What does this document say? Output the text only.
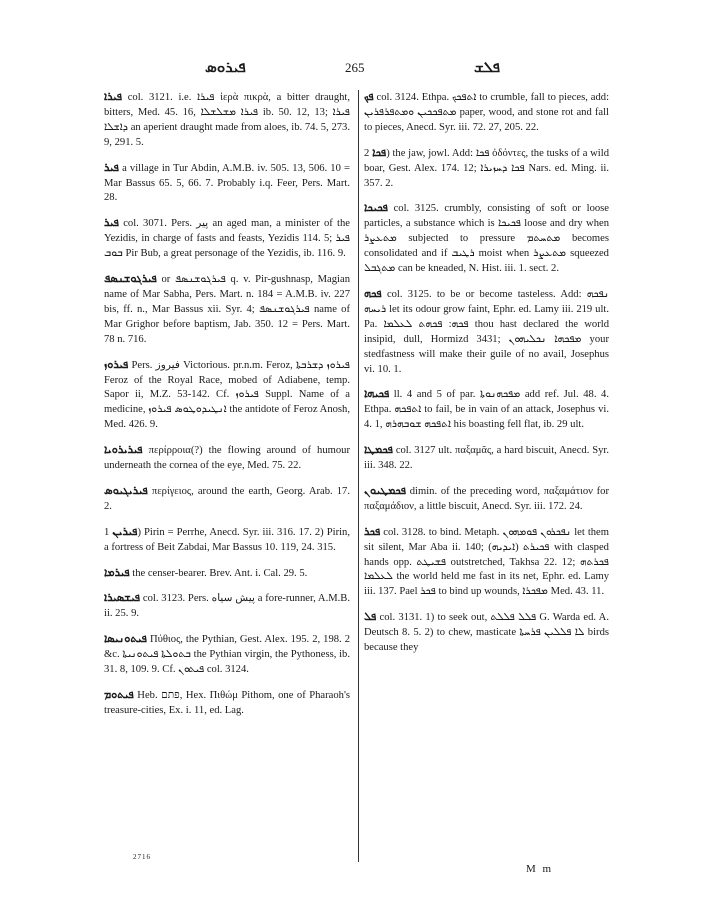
ܦܝܪܘܣ	265	ܦܠܫ

ܦܝܪܐ col. 3121. i.e. ܦܝܪܐ ἱερὰ πικρὰ, a bitter draught, bitters, Med. 45. 16, ܦܝܪܐ ܡܫܠܫܠܐ ib. 50. 12, 13; ܦܝܪܐ ܕܐܫܠܐ an aperient draught made from aloes, ib. 74. 5, 273. 9, 291. 5.

ܦܝܪ a village in Tur Abdin, A.M.B. iv. 505. 13, 506. 10 = Mar Bassus 65. 5, 66. 7. Probably i.q. Feer, Pers. Mart. 28.

ܦܝܪ col. 3071. Pers. پیر an aged man, a minister of the Yezidis, in charge of fasts and feasts, Yezidis 114. 5; ܦܝܪ ܒܘܒ Pir Bub, a great personage of the Yezidis, ib. 116. 9.

ܦܝܪܓܘܫܢܣܦ or ܦܝܪܓܘܫܢܣܦ q. v. Pir-gushnasp, Magian name of Mar Sabha, Pers. Mart. n. 184 = A.M.B. iv. 227 bis, ff. n., Mar Bassus xii. Syr. 4; ܦܝܪܓܘܫܢܣܦ name of Mar Grighor before baptism, Jab. 350. 12 = Pers. Mart. 78 n. 716.

ܦܝܪܘܙ Pers. فیروز Victorious. pr.n.m. Feroz, ܦܝܪܘܙ ܕܫܪܒܬܐ Feroz of the Royal Race, mobed of Adiabene, temp. Sapor ii, M.Z. 53-142. Cf. ܦܝܪܘܙ Suppl. Name of a medicine, ܐܢܛܝܕܘܛܘܣ ܦܝܪܘܙ the antidote of Feroz Anosh, Med. 426. 9.

ܦܝܪܝܪܘܝܐ περίρροια(?) the flowing around of humour underneath the cornea of the eye, Med. 75. 22.

ܦܝܪܝܓܝܘܣ περίγειος, around the earth, Georg. Arab. 17. 2.

ܦܝܪܝܢ 1) Pirin = Perrhe, Anecd. Syr. iii. 316. 17. 2) Pirin, a fortress of Beit Zabdai, Mar Bassus 10. 119, 24. 315.

ܦܝܪܡܐ the censer-bearer. Brev. Ant. i. Cal. 29. 5.

ܦܝܫܣܝܪܐ col. 3123. Pers. پیش سیاه a fore-runner, A.M.B. ii. 25. 9.

ܦܝܬܘܢܝܣܐ Πύθιος, the Pythian, Gest. Alex. 195. 2, 198. 2 &c. ܒܬܘܠܬܐ ܦܝܬܘܢܝܬܐ the Pythian virgin, the Pythoness, ib. 31. 8, 109. 9. Cf. ܦܝܬܘܢ col. 3124.

ܦܝܬܘܡ Heb. פתם, Hex. Πιθώμ Pithom, one of Pharaoh's treasure-cities, Ex. i. 11, ed. Lag.

ܦܟ col. 3124. Ethpa. ܐܬܦܟܟ to crumble, fall to pieces, add: ܡܬܦܟܟܝܢ ܘܡܬܦܪܦܪܝܢ paper, wood, and stone rot and fall to pieces, Anecd. Syr. iii. 72. 27, 205. 22.

ܦܟܐ 2) the jaw, jowl. Add: ܦܟܐ ὀδόντες, the tusks of a wild boar, Gest. Alex. 174. 12; ܦܟܐ ܕܚܙܝܪܐ Nars. ed. Ming. ii. 357. 2.

ܦܟܝܟܐ col. 3125. crumbly, consisting of soft or loose particles, a substance which is ܦܟܝܟܐ loose and dry when ܡܬܥܨܪ subjected to pressure ܡܬܚܬܡ becomes consolidated and if ܪܛܝܒ moist when ܡܬܥܨܪ squeezed ܡܬܓܒܠ can be kneaded, N. Hist. iii. 1. sect. 2.

ܦܟܗ col. 3125. to be or become tasteless. Add: ܢܦܟܗ ܪܝܚܗ let its odour grow faint, Ephr. ed. Lamy iii. 219 ult. Pa. ܦܟܗ: ܦܟܗܬ ܠܥܠܡܐ thou hast declared the world insipid, dull, Hormizd 3431; ܡܦܟܗܐ ܢܟܠܝܗܘܢ your stedfastness will make their guile of no avail, Josephus vi. 10. 1.

ܦܟܝܗܐ ll. 4 and 5 of par. ܡܦܟܗܢܘܬܐ add ref. Jul. 48. 4. Ethpa. ܐܬܦܟܗ to fail, be in vain of an attack, Josephus vi. 4. 1, ܐܬܦܟܗ ܫܘܒܗܪܗ his boasting fell flat, ib. 29 ult.

ܦܟܡܛܐ col. 3127 ult. παξαμᾶς, a hard biscuit, Anecd. Syr. iii. 348. 22.

ܦܟܡܛܝܘܢ dimin. of the preceding word, παξαμάτιον for παξαμάδιον, a little biscuit, Anecd. Syr. iii. 172. 24.

ܦܟܪ col. 3128. to bind. Metaph. ܢܦܟܪܘܢ ܦܘܡܗܘܢ let them sit silent, Mar Aba ii. 140; ܦܟܝܪܬ (ܐܝܕܝܗ) with clasped hands opp. ܦܫܝܛܬ outstretched, Takhsa 22. 12; ܦܟܪܬܗ ܠܥܠܡܐ the world held me fast in its net, Ephr. ed. Lamy iii. 137. Pael ܦܟܪ to bind up wounds, ܡܦܟܪܐ Med. 43. 11.

ܦܠ col. 3131. 1) to seek out, ܦܠܠ ܦܠܠܬ G. Warda ed. A. Deutsch 8. 5. 2) to chew, masticate ܠܐ ܦܠܠܝܢ ܦܪܚܬܐ birds because they

2716
M m
